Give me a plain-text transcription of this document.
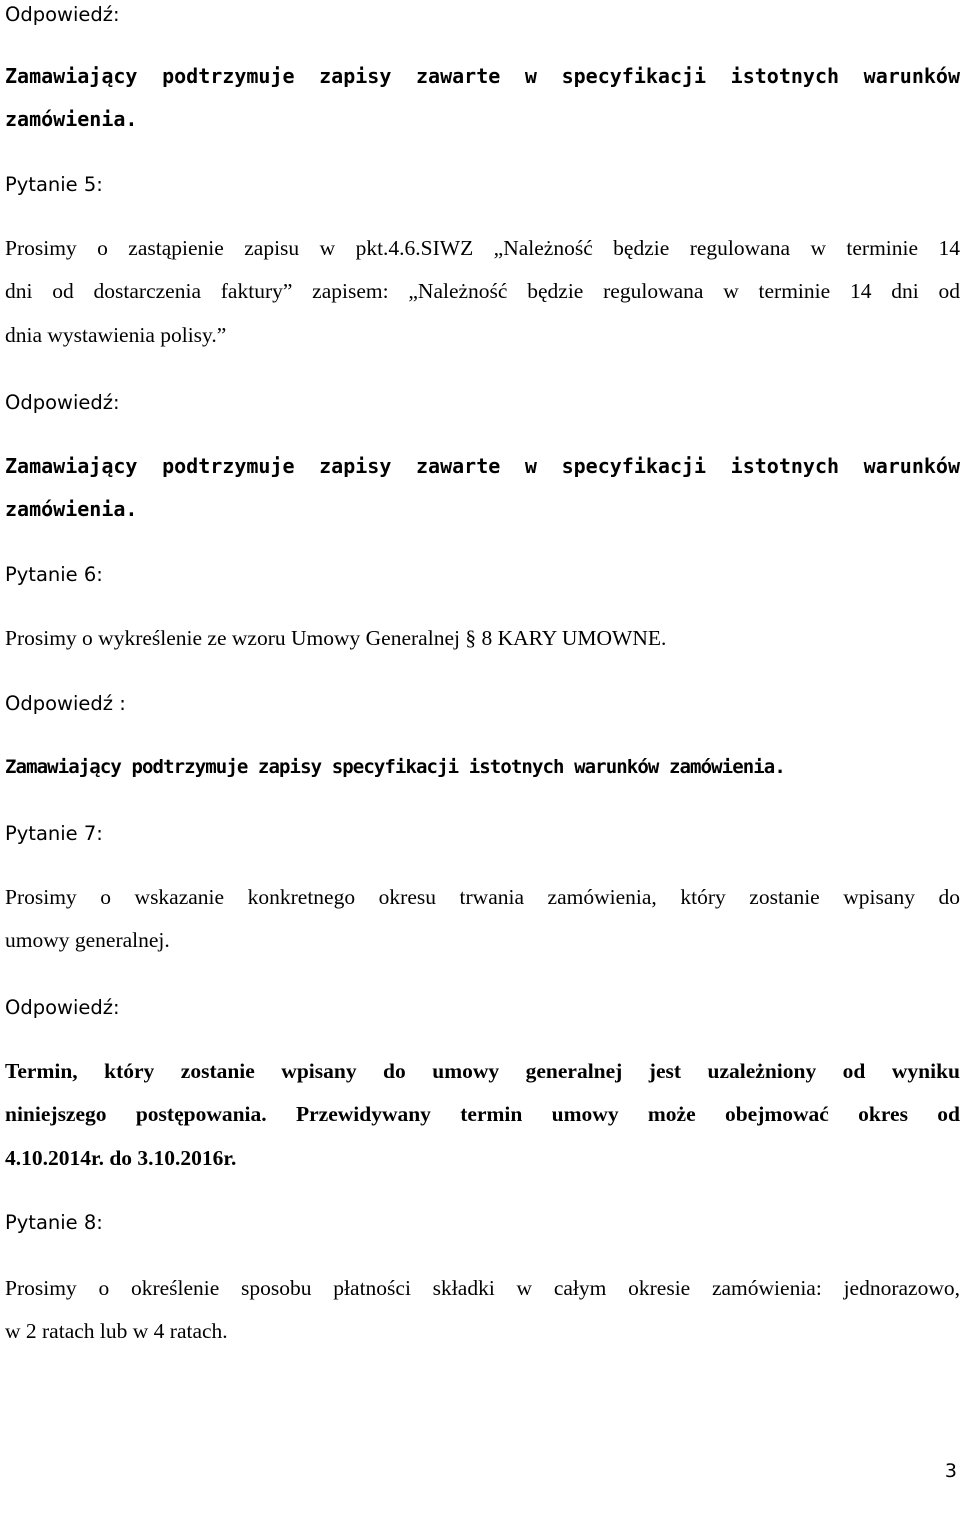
Odpowiedź:
Zamawiający podtrzymuje zapisy zawarte w specyfikacji istotnych warunków
zamówienia.
Pytanie 5:
Prosimy o zastąpienie zapisu w pkt.4.6.SIWZ „Należność będzie regulowana w terminie 14
dni od dostarczenia faktury” zapisem: „Należność będzie regulowana w terminie 14 dni od
dnia wystawienia polisy.”
Odpowiedź:
Zamawiający podtrzymuje zapisy zawarte w specyfikacji istotnych warunków
zamówienia.
Pytanie 6:
Prosimy o wykreślenie ze wzoru Umowy Generalnej § 8 KARY UMOWNE.
Odpowiedź :
Zamawiający podtrzymuje zapisy specyfikacji istotnych warunków zamówienia.
Pytanie 7:
Prosimy o wskazanie konkretnego okresu trwania zamówienia, który zostanie wpisany do
umowy generalnej.
Odpowiedź:
Termin, który zostanie wpisany do umowy generalnej jest uzależniony od wyniku
niniejszego postępowania. Przewidywany termin umowy może obejmować okres od
4.10.2014r. do 3.10.2016r.
Pytanie 8:
Prosimy o określenie sposobu płatności składki w całym okresie zamówienia: jednorazowo,
w 2 ratach lub w 4 ratach.
3
